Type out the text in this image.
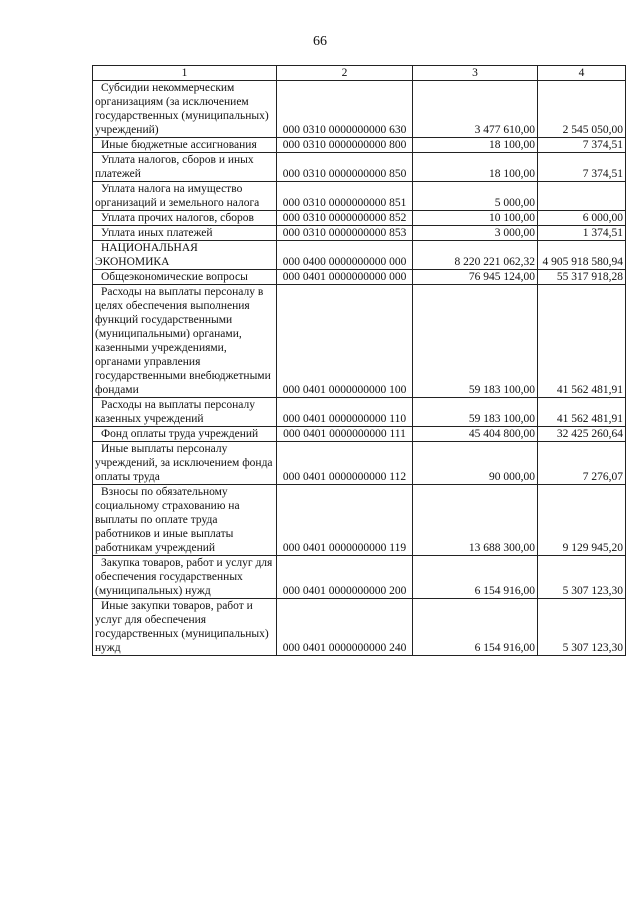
66
1	2	3	4
Субсидии некоммерческим организациям (за исключением государственных (муниципальных) учреждений)	000 0310 0000000000 630	3 477 610,00	2 545 050,00
Иные бюджетные ассигнования	000 0310 0000000000 800	18 100,00	7 374,51
Уплата налогов, сборов и иных платежей	000 0310 0000000000 850	18 100,00	7 374,51
Уплата налога на имущество организаций и земельного налога	000 0310 0000000000 851	5 000,00	
Уплата прочих налогов, сборов	000 0310 0000000000 852	10 100,00	6 000,00
Уплата иных платежей	000 0310 0000000000 853	3 000,00	1 374,51
НАЦИОНАЛЬНАЯ ЭКОНОМИКА	000 0400 0000000000 000	8 220 221 062,32	4 905 918 580,94
Общеэкономические вопросы	000 0401 0000000000 000	76 945 124,00	55 317 918,28
Расходы на выплаты персоналу в целях обеспечения выполнения функций государственными (муниципальными) органами, казенными учреждениями, органами управления государственными внебюджетными фондами	000 0401 0000000000 100	59 183 100,00	41 562 481,91
Расходы на выплаты персоналу казенных учреждений	000 0401 0000000000 110	59 183 100,00	41 562 481,91
Фонд оплаты труда учреждений	000 0401 0000000000 111	45 404 800,00	32 425 260,64
Иные выплаты персоналу учреждений, за исключением фонда оплаты труда	000 0401 0000000000 112	90 000,00	7 276,07
Взносы по обязательному социальному страхованию на выплаты по оплате труда работников и иные выплаты работникам учреждений	000 0401 0000000000 119	13 688 300,00	9 129 945,20
Закупка товаров, работ и услуг для обеспечения государственных (муниципальных) нужд	000 0401 0000000000 200	6 154 916,00	5 307 123,30
Иные закупки товаров, работ и услуг для обеспечения государственных (муниципальных) нужд	000 0401 0000000000 240	6 154 916,00	5 307 123,30
